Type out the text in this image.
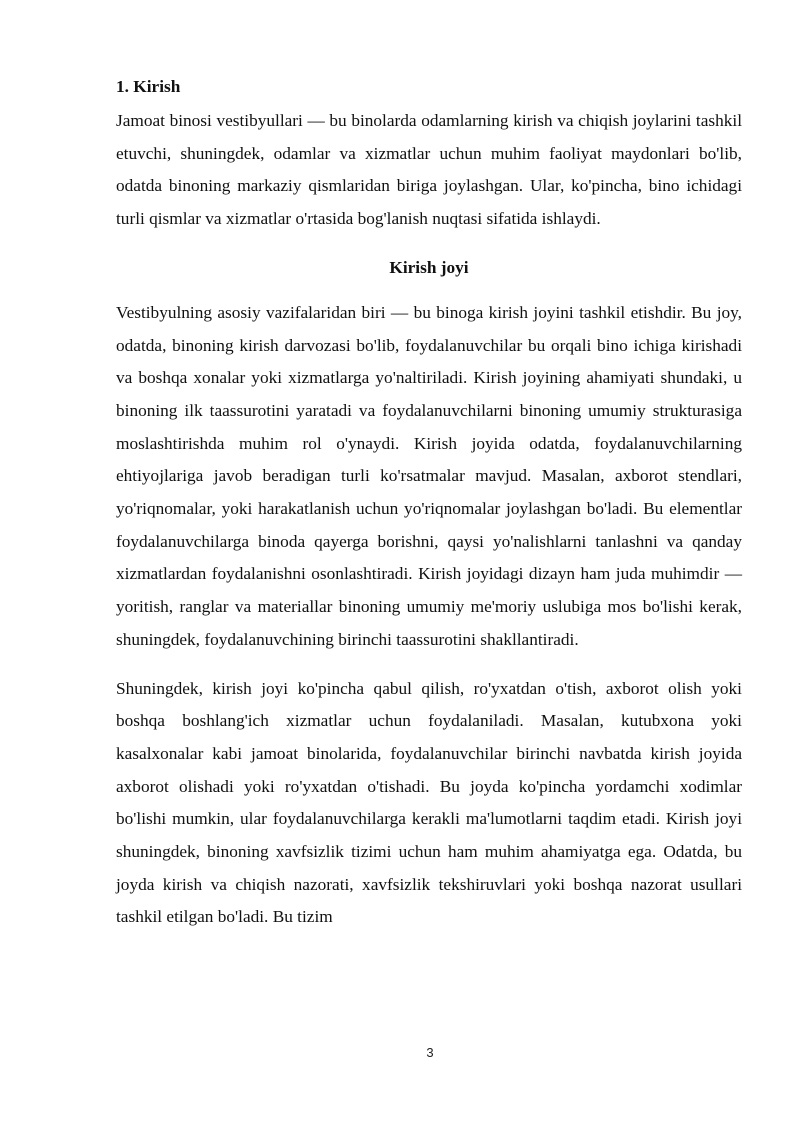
1. Kirish

Jamoat binosi vestibyullari — bu binolarda odamlarning kirish va chiqish joylarini tashkil etuvchi, shuningdek, odamlar va xizmatlar uchun muhim faoliyat maydonlari bo'lib, odatda binoning markaziy qismlaridan biriga joylashgan. Ular, ko'pincha, bino ichidagi turli qismlar va xizmatlar o'rtasida bog'lanish nuqtasi sifatida ishlaydi.

Kirish joyi

Vestibyulning asosiy vazifalaridan biri — bu binoga kirish joyini tashkil etishdir. Bu joy, odatda, binoning kirish darvozasi bo'lib, foydalanuvchilar bu orqali bino ichiga kirishadi va boshqa xonalar yoki xizmatlarga yo'naltiriladi. Kirish joyining ahamiyati shundaki, u binoning ilk taassurotini yaratadi va foydalanuvchilarni binoning umumiy strukturasiga moslashtirishda muhim rol o'ynaydi. Kirish joyida odatda, foydalanuvchilarning ehtiyojlariga javob beradigan turli ko'rsatmalar mavjud. Masalan, axborot stendlari, yo'riqnomalar, yoki harakatlanish uchun yo'riqnomalar joylashgan bo'ladi. Bu elementlar foydalanuvchilarga binoda qayerga borishni, qaysi yo'nalishlarni tanlashni va qanday xizmatlardan foydalanishni osonlashtiradi. Kirish joyidagi dizayn ham juda muhimdir — yoritish, ranglar va materiallar binoning umumiy me'moriy uslubiga mos bo'lishi kerak, shuningdek, foydalanuvchining birinchi taassurotini shakllantiradi.

Shuningdek, kirish joyi ko'pincha qabul qilish, ro'yxatdan o'tish, axborot olish yoki boshqa boshlang'ich xizmatlar uchun foydalaniladi. Masalan, kutubxona yoki kasalxonalar kabi jamoat binolarida, foydalanuvchilar birinchi navbatda kirish joyida axborot olishadi yoki ro'yxatdan o'tishadi. Bu joyda ko'pincha yordamchi xodimlar bo'lishi mumkin, ular foydalanuvchilarga kerakli ma'lumotlarni taqdim etadi. Kirish joyi shuningdek, binoning xavfsizlik tizimi uchun ham muhim ahamiyatga ega. Odatda, bu joyda kirish va chiqish nazorati, xavfsizlik tekshiruvlari yoki boshqa nazorat usullari tashkil etilgan bo'ladi. Bu tizim

3
